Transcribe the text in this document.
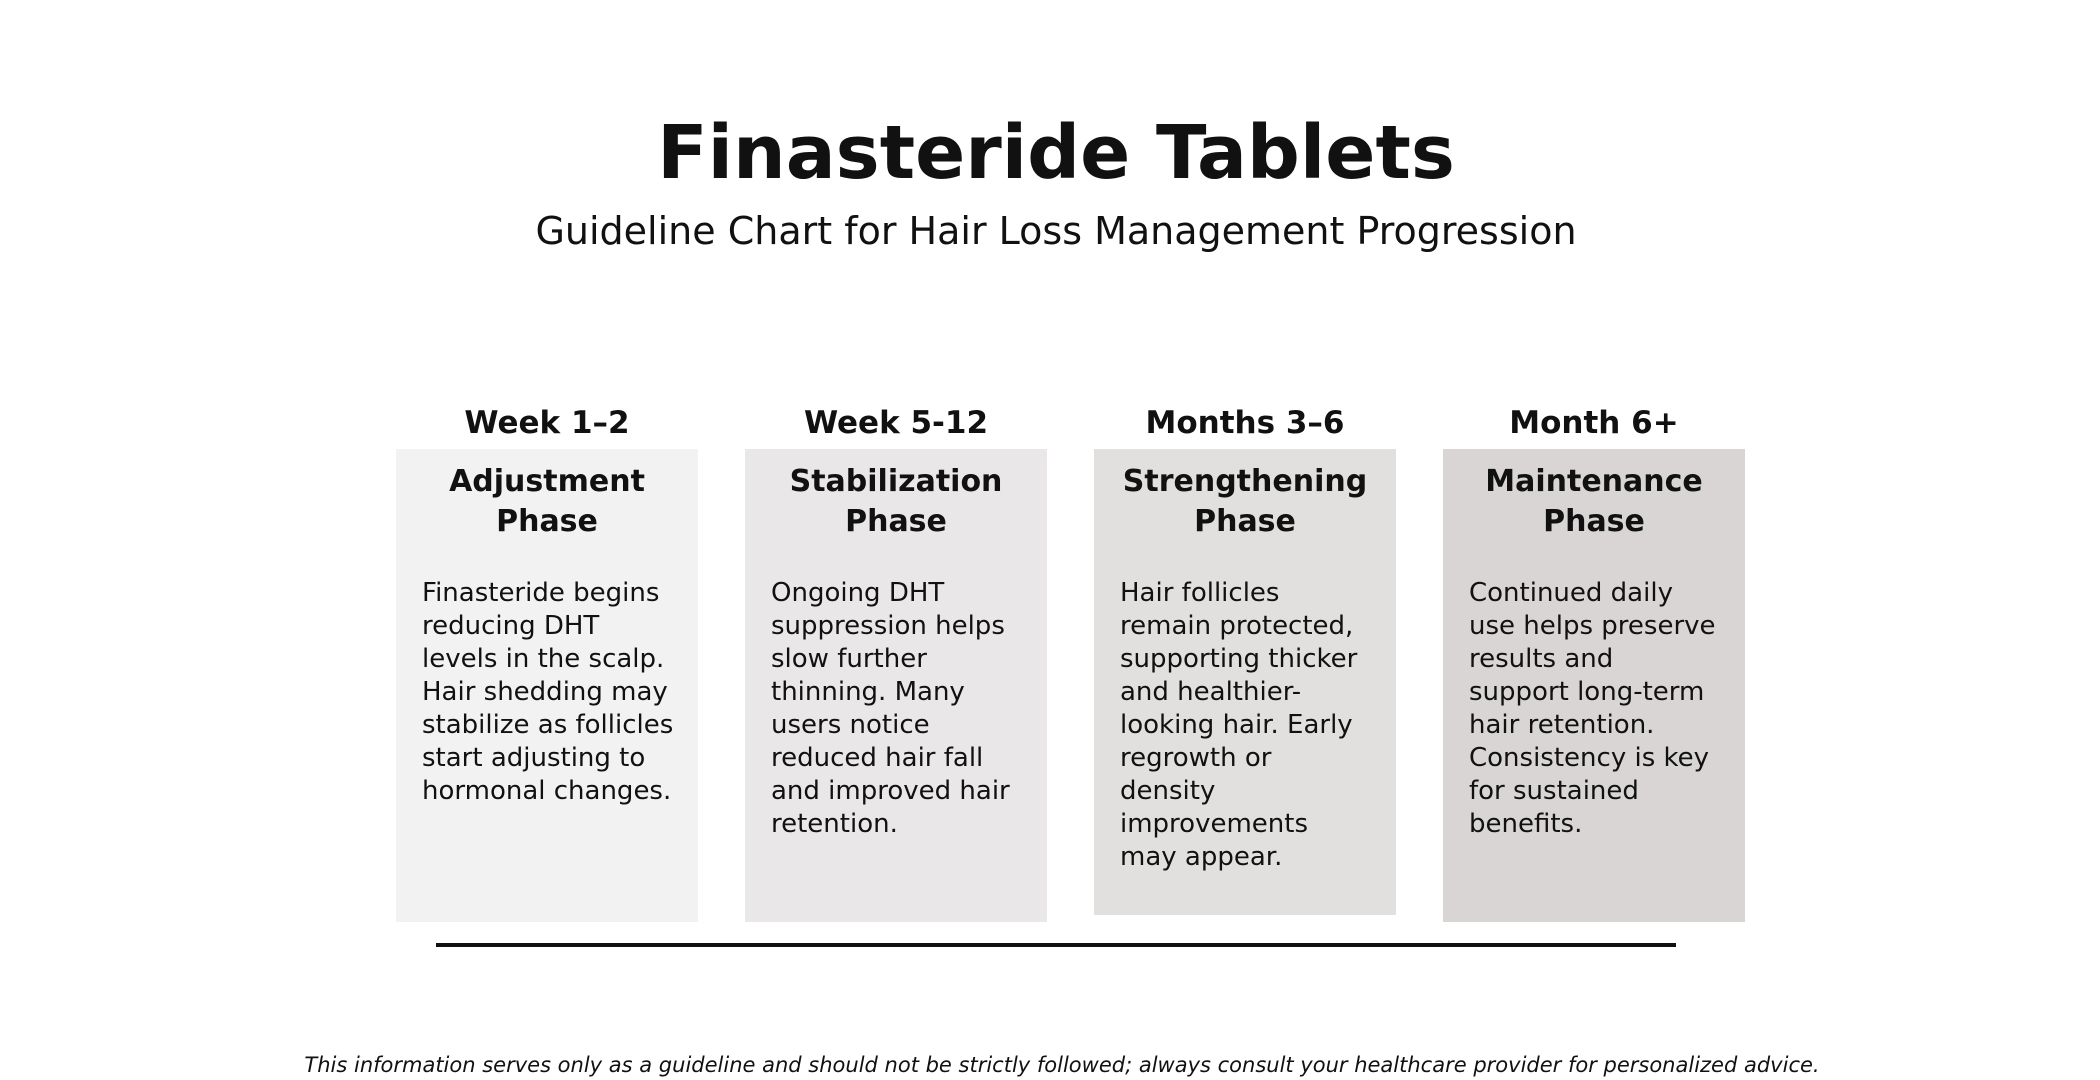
Finasteride Tablets

Guideline Chart for Hair Loss Management Progression

Week 1–2
Adjustment Phase
Finasteride begins reducing DHT levels in the scalp. Hair shedding may stabilize as follicles start adjusting to hormonal changes.
Week 5-12
Stabilization Phase
Ongoing DHT suppression helps slow further thinning. Many users notice reduced hair fall and improved hair retention.
Months 3–6
Strengthening Phase
Hair follicles remain protected, supporting thicker and healthier-looking hair. Early regrowth or density improvements may appear.
Month 6+
Maintenance Phase
Continued daily use helps preserve results and support long-term hair retention. Consistency is key for sustained benefits.

This information serves only as a guideline and should not be strictly followed; always consult your healthcare provider for personalized advice.
